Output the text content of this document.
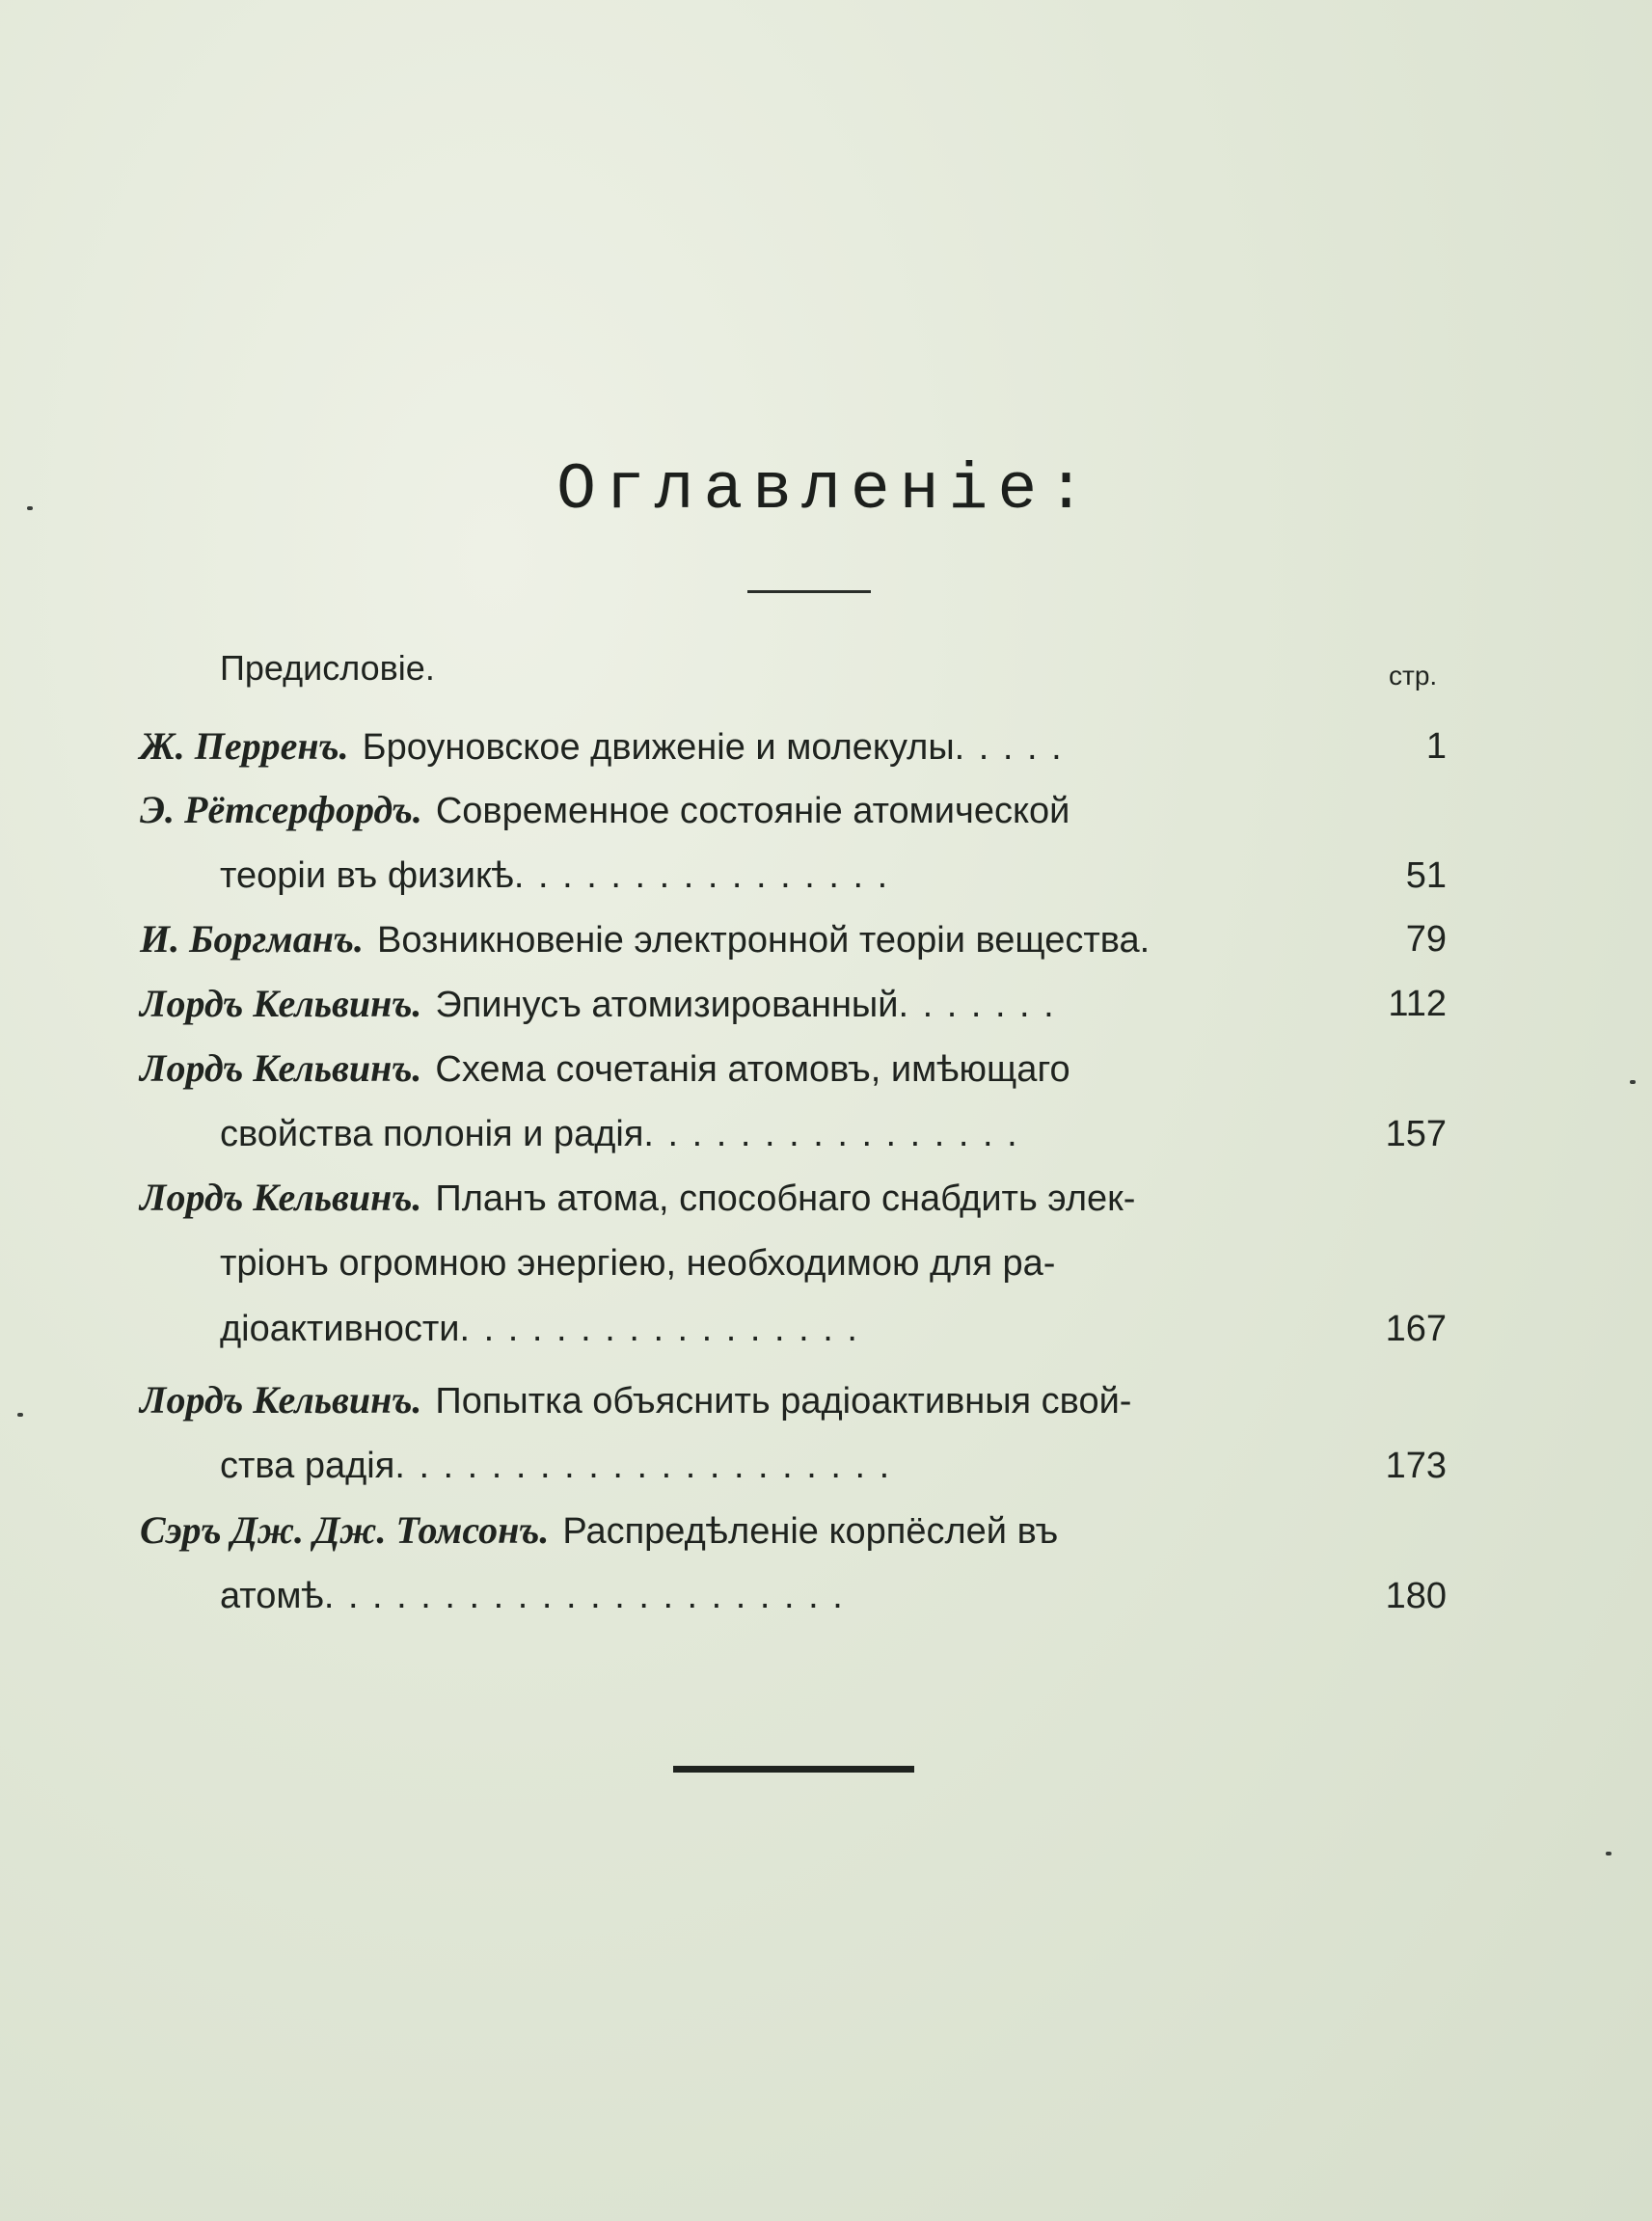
Оглавлeнie:
Предисловie.	стр.
Ж. Перренъ. Броуновское движенie и молекулы. . . . .	1
Э. Рётсерфордъ. Современное состоянie атомической
теорiи въ физикѣ. . . . . . . . . . . . . . . .	51
И. Боргманъ. Возникновенie электронной теорiи вещества.	79
Лордъ Кельвинъ. Эпинусъ атомизированный. . . . . . .	112
Лордъ Кельвинъ. Схема сочетанiя атомовъ, имѣющаго
свойства полонiя и радiя. . . . . . . . . . . . . . . .	157
Лордъ Кельвинъ. Планъ атома, способнаго снабдить элек-
трiонъ огромною энергiею, необходимою для ра-
дiоактивности. . . . . . . . . . . . . . . . .	167
Лордъ Кельвинъ. Попытка объяснить радiоактивныя свой-
ства радiя. . . . . . . . . . . . . . . . . . . . .	173
Сэръ Дж. Дж. Томсонъ. Распредѣленie корпёслей въ
атомѣ. . . . . . . . . . . . . . . . . . . . . .	180
